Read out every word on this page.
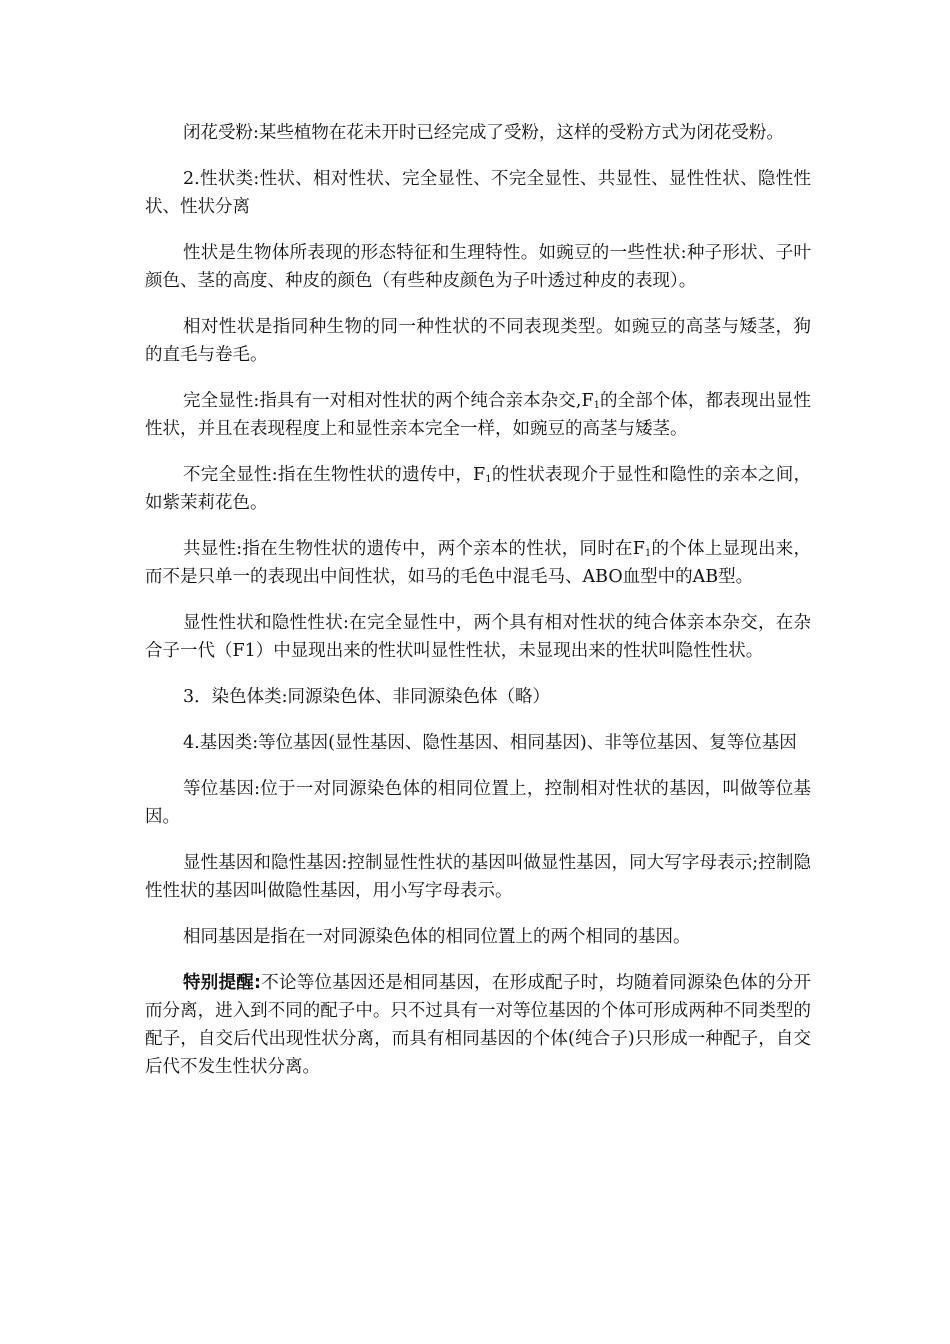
闭花受粉:某些植物在花未开时已经完成了受粉，这样的受粉方式为闭花受粉。

2.性状类:性状、相对性状、完全显性、不完全显性、共显性、显性性状、隐性性状、性状分离

性状是生物体所表现的形态特征和生理特性。如豌豆的一些性状:种子形状、子叶颜色、茎的高度、种皮的颜色（有些种皮颜色为子叶透过种皮的表现）。

相对性状是指同种生物的同一种性状的不同表现类型。如豌豆的高茎与矮茎，狗的直毛与卷毛。

完全显性:指具有一对相对性状的两个纯合亲本杂交$,F_1$的全部个体，都表现出显性性状，并且在表现程度上和显性亲本完全一样，如豌豆的高茎与矮茎。

不完全显性:指在生物性状的遗传中，$F_1$的性状表现介于显性和隐性的亲本之间，如紫茉莉花色。

共显性:指在生物性状的遗传中，两个亲本的性状，同时在$F_1$的个体上显现出来，而不是只单一的表现出中间性状，如马的毛色中混毛马、ABO血型中的AB型。

显性性状和隐性性状:在完全显性中，两个具有相对性状的纯合体亲本杂交，在杂合子一代（F1）中显现出来的性状叫显性性状，未显现出来的性状叫隐性性状。

3．染色体类:同源染色体、非同源染色体（略）

4.基因类:等位基因(显性基因、隐性基因、相同基因)、非等位基因、复等位基因

等位基因:位于一对同源染色体的相同位置上，控制相对性状的基因，叫做等位基因。

显性基因和隐性基因:控制显性性状的基因叫做显性基因，同大写字母表示;控制隐性性状的基因叫做隐性基因，用小写字母表示。

相同基因是指在一对同源染色体的相同位置上的两个相同的基因。

特别提醒:不论等位基因还是相同基因，在形成配子时，均随着同源染色体的分开而分离，进入到不同的配子中。只不过具有一对等位基因的个体可形成两种不同类型的配子，自交后代出现性状分离，而具有相同基因的个体(纯合子)只形成一种配子，自交后代不发生性状分离。
